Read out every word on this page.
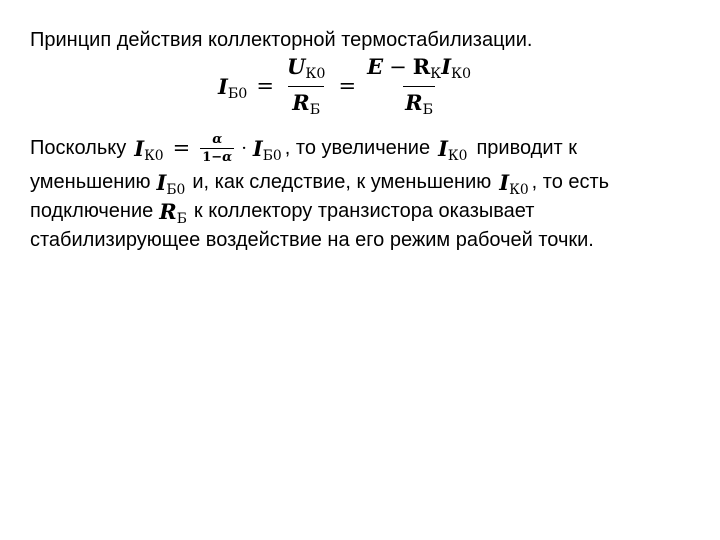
Принцип действия коллекторной термостабилизации.
$I_{Б0} = \frac{U_{К0}}{R_Б} = \frac{E - R_КI_{К0}}{R_Б}$
Поскольку $IК0 = \frac{\alpha}{1-\alpha} \cdot IБ0$ , то увеличение IК0 приводит к
уменьшению IБ0 и, как следствие, к уменьшению IК0 , то есть
подключение RБ к коллектору транзистора оказывает
стабилизирующее воздействие на его режим рабочей точки.
